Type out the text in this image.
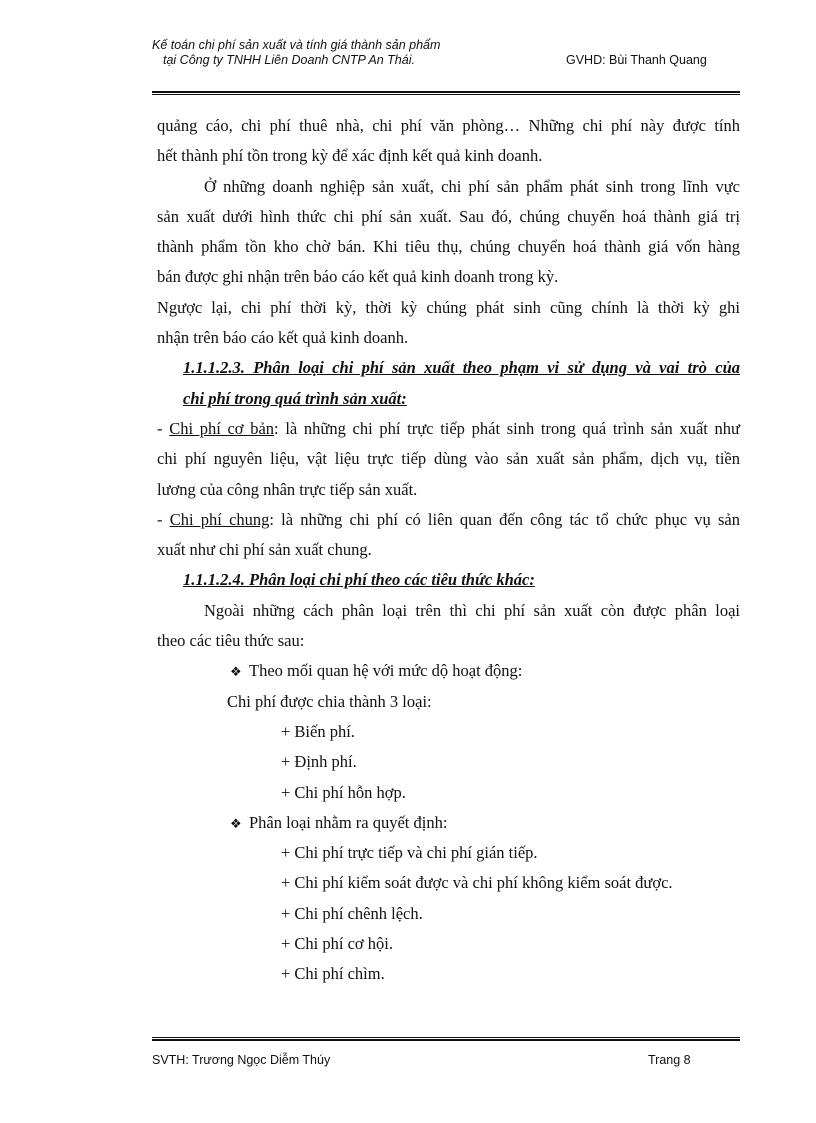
Kế toán chi phí sản xuất và tính giá thành sản phẩm
tại Công ty TNHH Liên Doanh CNTP An Thái.	GVHD: Bùi Thanh Quang
quảng cáo, chi phí thuê nhà, chi phí văn phòng… Những chi phí này được tính
hết thành phí tồn trong kỳ để xác định kết quả kinh doanh.
Ở những doanh nghiệp sản xuất, chi phí sản phẩm phát sinh trong lĩnh vực
sản xuất dưới hình thức chi phí sản xuất. Sau đó, chúng chuyển hoá thành giá trị
thành phẩm tồn kho chờ bán. Khi tiêu thụ, chúng chuyển hoá thành giá vốn hàng
bán được ghi nhận trên báo cáo kết quả kinh doanh trong kỳ.
Ngược lại, chi phí thời kỳ, thời kỳ chúng phát sinh cũng chính là thời kỳ ghi
nhận trên báo cáo kết quả kinh doanh.
1.1.1.2.3. Phân loại chi phí sản xuất theo phạm vi sử dụng và vai trò của
chi phí trong quá trình sản xuất:
- Chi phí cơ bản: là những chi phí trực tiếp phát sinh trong quá trình sản xuất như
chi phí nguyên liệu, vật liệu trực tiếp dùng vào sản xuất sản phẩm, dịch vụ, tiền
lương của công nhân trực tiếp sản xuất.
- Chi phí chung: là những chi phí có liên quan đến công tác tổ chức phục vụ sản
xuất như chi phí sản xuất chung.
1.1.1.2.4. Phân loại chi phí theo các tiêu thức khác:
Ngoài những cách phân loại trên thì chi phí sản xuất còn được phân loại
theo các tiêu thức sau:
❖ Theo mối quan hệ với mức dộ hoạt động:
Chi phí được chia thành 3 loại:
+ Biến phí.
+ Định phí.
+ Chi phí hỗn hợp.
❖ Phân loại nhằm ra quyết định:
+ Chi phí trực tiếp và chi phí gián tiếp.
+ Chi phí kiểm soát được và chi phí không kiểm soát được.
+ Chi phí chênh lệch.
+ Chi phí cơ hội.
+ Chi phí chìm.
SVTH: Trương Ngọc Diễm Thúy	Trang 8
